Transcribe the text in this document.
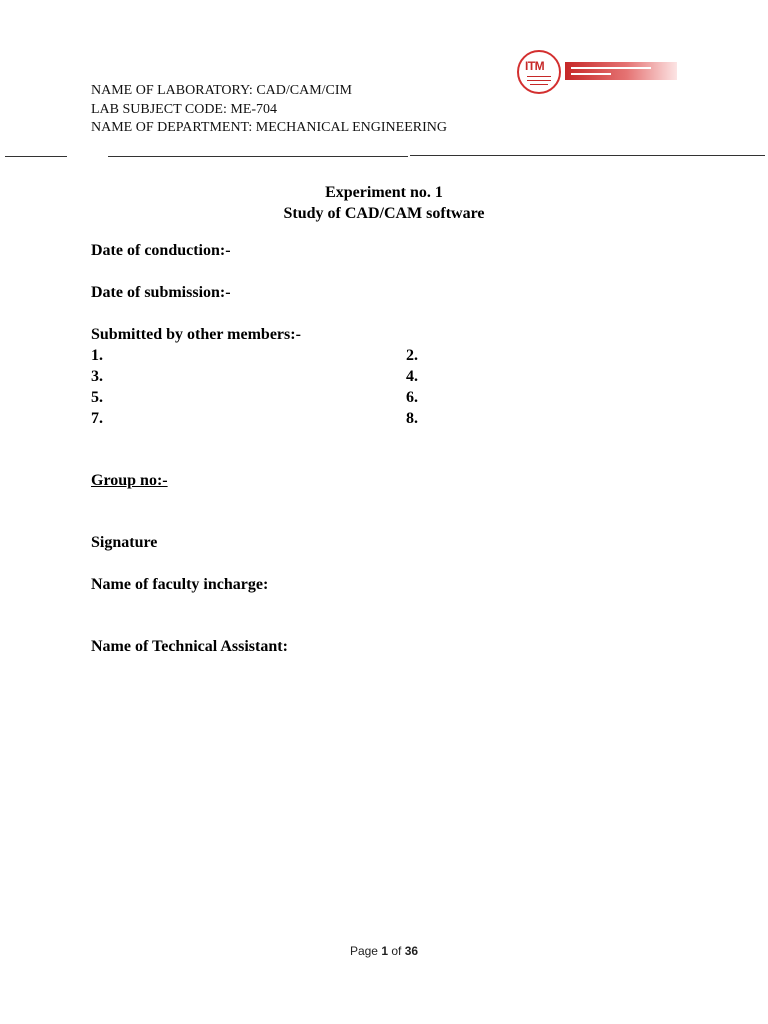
NAME OF LABORATORY: CAD/CAM/CIM
LAB SUBJECT CODE: ME-704
NAME OF DEPARTMENT: MECHANICAL ENGINEERING
ITM
Experiment no. 1
Study of CAD/CAM software
Date of conduction:-
Date of submission:-
Submitted by other members:-
1.	2.
3.	4.
5.	6.
7.	8.
Group no:-
Signature
Name of faculty incharge:
Name of Technical Assistant:
Page 1 of 36
